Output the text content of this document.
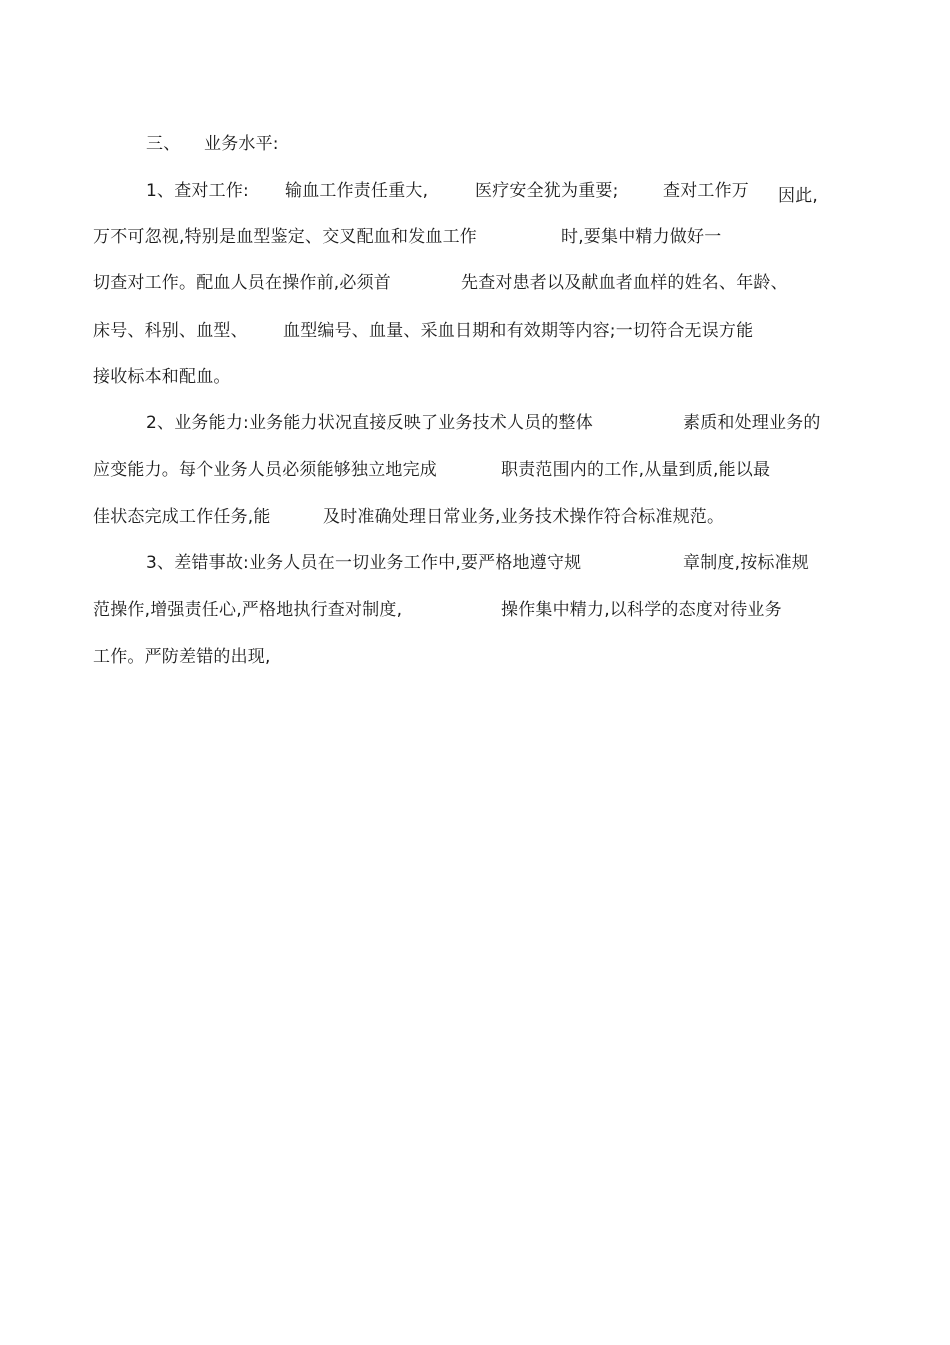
三、 业务水平:
1、查对工作: 输血工作责任重大,	医疗安全犹为重要;	查对工作万 因此,
万不可忽视,特别是血型鉴定、交叉配血和发血工作	时,要集中精力做好一
切查对工作。配血人员在操作前,必须首	先查对患者以及献血者血样的姓名、年龄、
床号、科别、血型、 血型编号、血量、采血日期和有效期等内容;一切符合无误方能
接收标本和配血。
2、业务能力:业务能力状况直接反映了业务技术人员的整体	素质和处理业务的
应变能力。每个业务人员必须能够独立地完成	职责范围内的工作,从量到质,能以最
佳状态完成工作任务,能	及时准确处理日常业务,业务技术操作符合标准规范。
3、差错事故:业务人员在一切业务工作中,要严格地遵守规	章制度,按标准规
范操作,增强责任心,严格地执行查对制度,	操作集中精力,以科学的态度对待业务
工作。严防差错的出现,
